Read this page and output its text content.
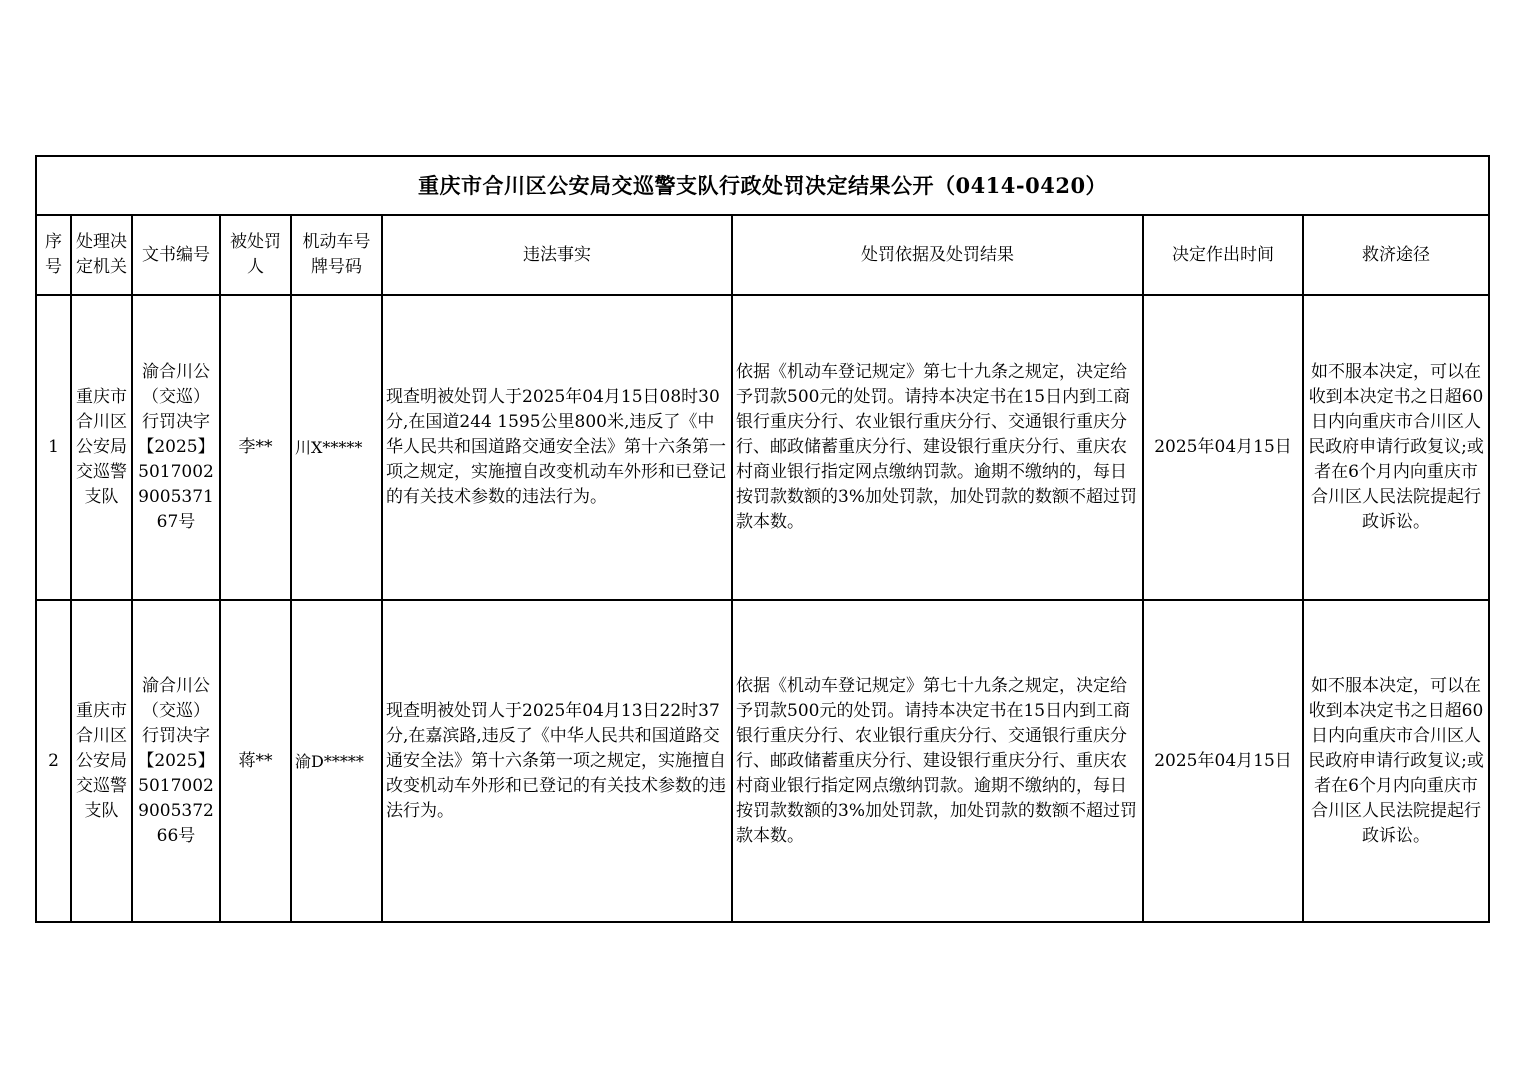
重庆市合川区公安局交巡警支队行政处罚决定结果公开（0414-0420）								
序号	处理决定机关	文书编号	被处罚人	机动车号牌号码	违法事实	处罚依据及处罚结果	决定作出时间	救济途径
1	重庆市合川区公安局交巡警支队	渝合川公（交巡）行罚决字【2025】5017002900537167号	李**	川X*****	现查明被处罚人于2025年04月15日08时30分,在国道244 1595公里800米,违反了《中华人民共和国道路交通安全法》第十六条第一项之规定，实施擅自改变机动车外形和已登记的有关技术参数的违法行为。	依据《机动车登记规定》第七十九条之规定，决定给予罚款500元的处罚。请持本决定书在15日内到工商银行重庆分行、农业银行重庆分行、交通银行重庆分行、邮政储蓄重庆分行、建设银行重庆分行、重庆农村商业银行指定网点缴纳罚款。逾期不缴纳的，每日按罚款数额的3%加处罚款，加处罚款的数额不超过罚款本数。	2025年04月15日	如不服本决定，可以在收到本决定书之日超60日内向重庆市合川区人民政府申请行政复议;或者在6个月内向重庆市合川区人民法院提起行政诉讼。
2	重庆市合川区公安局交巡警支队	渝合川公（交巡）行罚决字【2025】5017002900537266号	蒋**	渝D*****	现查明被处罚人于2025年04月13日22时37分,在嘉滨路,违反了《中华人民共和国道路交通安全法》第十六条第一项之规定，实施擅自改变机动车外形和已登记的有关技术参数的违法行为。	依据《机动车登记规定》第七十九条之规定，决定给予罚款500元的处罚。请持本决定书在15日内到工商银行重庆分行、农业银行重庆分行、交通银行重庆分行、邮政储蓄重庆分行、建设银行重庆分行、重庆农村商业银行指定网点缴纳罚款。逾期不缴纳的，每日按罚款数额的3%加处罚款，加处罚款的数额不超过罚款本数。	2025年04月15日	如不服本决定，可以在收到本决定书之日超60日内向重庆市合川区人民政府申请行政复议;或者在6个月内向重庆市合川区人民法院提起行政诉讼。
